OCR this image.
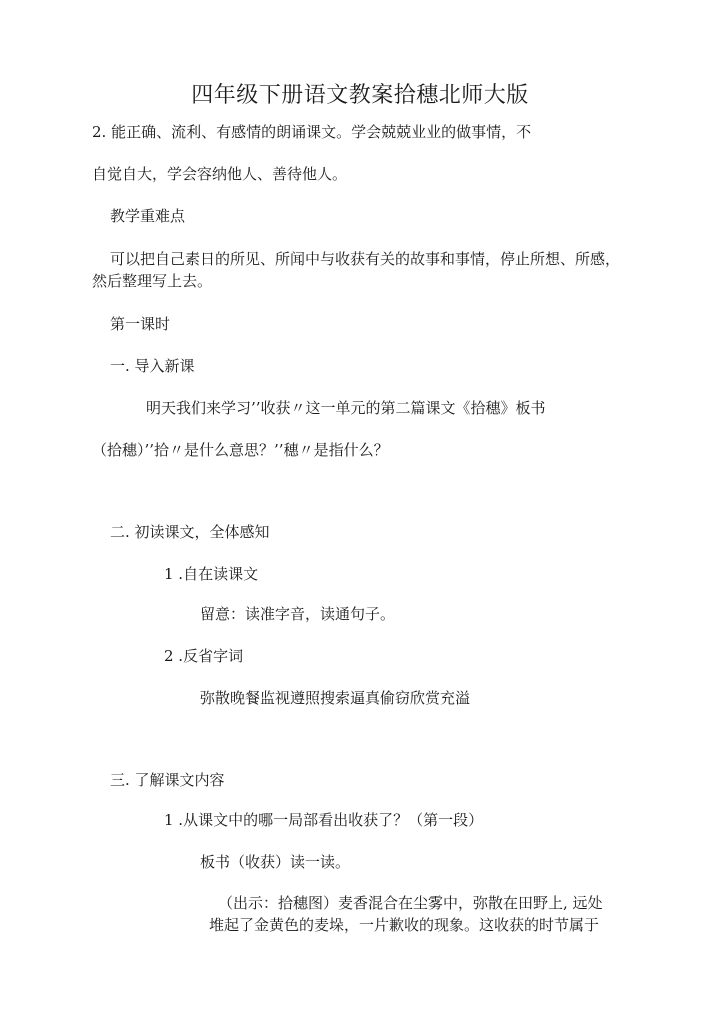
四年级下册语文教案拾穗北师大版
2. 能正确、流利、有感情的朗诵课文。学会兢兢业业的做事情，不
自觉自大，学会容纳他人、善待他人。
教学重难点
可以把自己素日的所见、所闻中与收获有关的故事和事情，停止所想、所感，然后整理写上去。
第一课时
一. 导入新课
明天我们来学习’’收获〃这一单元的第二篇课文《拾穗》板书
（拾穗）’’拾〃是什么意思？’’穗〃是指什么？
二. 初读课文，全体感知
1 .自在读课文
留意：读准字音，读通句子。
2 .反省字词
弥散晚餐监视遵照搜索逼真偷窃欣赏充溢
三. 了解课文内容
1 .从课文中的哪一局部看出收获了？（第一段）
板书（收获）读一读。
（出示：拾穗图）麦香混合在尘雾中，弥散在田野上, 远处
堆起了金黄色的麦垛，一片歉收的现象。这收获的时节属于
